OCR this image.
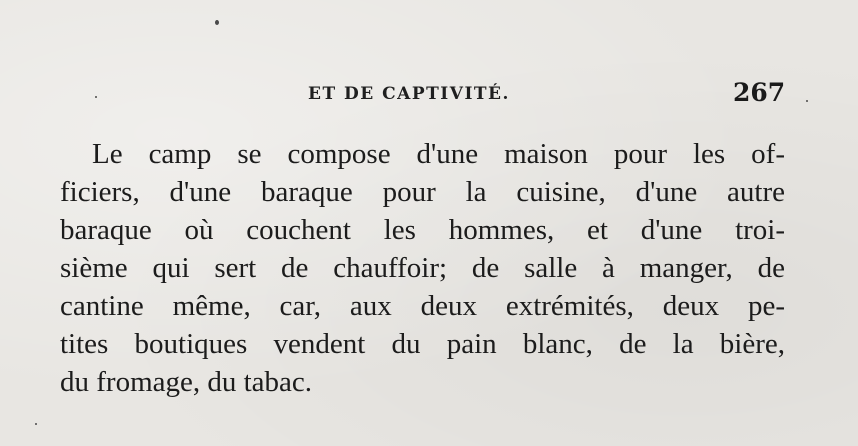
ET DE CAPTIVITÉ.	267
Le camp se compose d'une maison pour les of-
ficiers, d'une baraque pour la cuisine, d'une autre
baraque où couchent les hommes, et d'une troi-
sième qui sert de chauffoir; de salle à manger, de
cantine même, car, aux deux extrémités, deux pe-
tites boutiques vendent du pain blanc, de la bière,
du fromage, du tabac.
